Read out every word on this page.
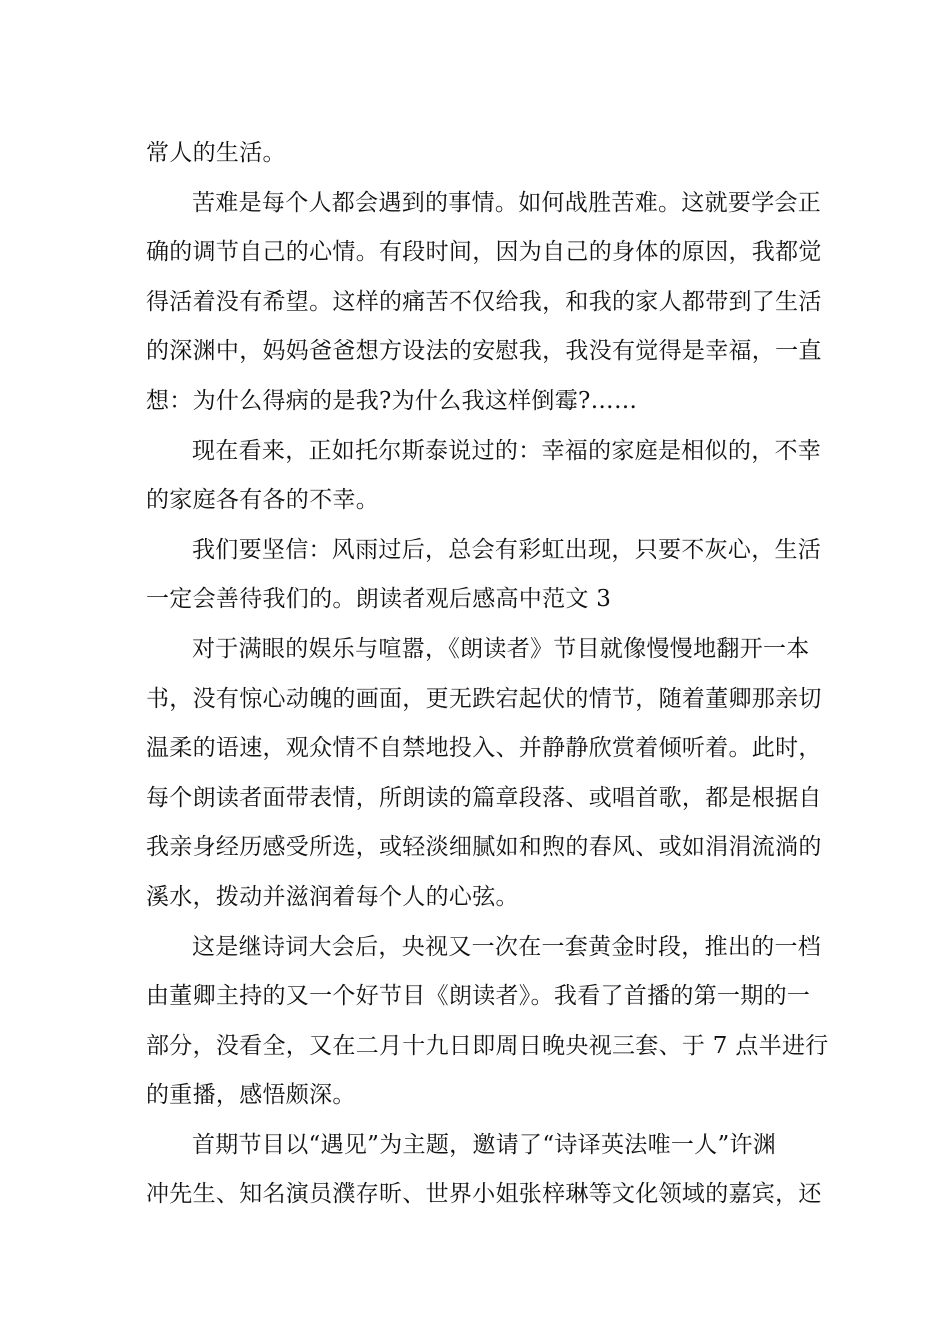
常人的生活。

苦难是每个人都会遇到的事情。如何战胜苦难。这就要学会正
确的调节自己的心情。有段时间，因为自己的身体的原因，我都觉
得活着没有希望。这样的痛苦不仅给我，和我的家人都带到了生活
的深渊中，妈妈爸爸想方设法的安慰我，我没有觉得是幸福，一直
想：为什么得病的是我?为什么我这样倒霉?……

现在看来，正如托尔斯泰说过的：幸福的家庭是相似的，不幸
的家庭各有各的不幸。

我们要坚信：风雨过后，总会有彩虹出现，只要不灰心，生活
一定会善待我们的。朗读者观后感高中范文 3

对于满眼的娱乐与喧嚣，《朗读者》节目就像慢慢地翻开一本
书，没有惊心动魄的画面，更无跌宕起伏的情节，随着董卿那亲切
温柔的语速，观众情不自禁地投入、并静静欣赏着倾听着。此时，
每个朗读者面带表情，所朗读的篇章段落、或唱首歌，都是根据自
我亲身经历感受所选，或轻淡细腻如和煦的春风、或如涓涓流淌的
溪水，拨动并滋润着每个人的心弦。

这是继诗词大会后，央视又一次在一套黄金时段，推出的一档
由董卿主持的又一个好节目《朗读者》。我看了首播的第一期的一
部分，没看全，又在二月十九日即周日晚央视三套、于 7 点半进行
的重播，感悟颇深。

首期节目以“遇见”为主题，邀请了“诗译英法唯一人”许渊
冲先生、知名演员濮存昕、世界小姐张梓琳等文化领域的嘉宾，还
